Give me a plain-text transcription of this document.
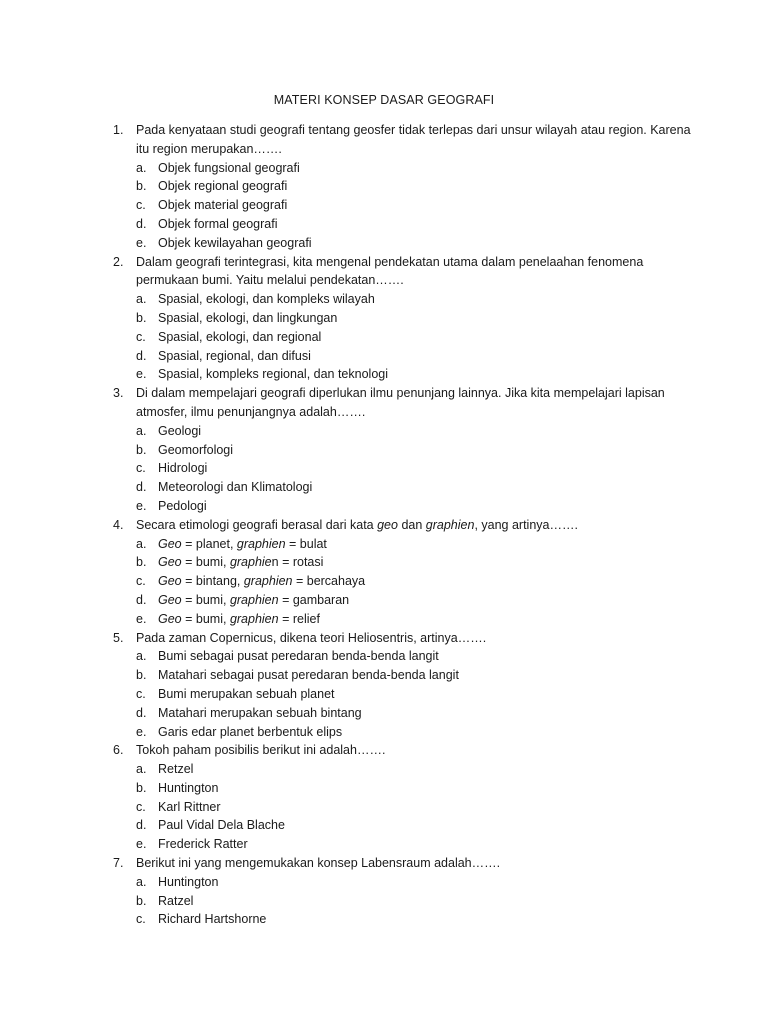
MATERI KONSEP DASAR GEOGRAFI
1. Pada kenyataan studi geografi tentang geosfer tidak terlepas dari unsur wilayah atau region. Karena itu region merupakan…….
a. Objek fungsional geografi
b. Objek regional geografi
c. Objek material geografi
d. Objek formal geografi
e. Objek kewilayahan geografi
2. Dalam geografi terintegrasi, kita mengenal pendekatan utama dalam penelaahan fenomena permukaan bumi. Yaitu melalui pendekatan…….
a. Spasial, ekologi, dan kompleks wilayah
b. Spasial, ekologi, dan lingkungan
c. Spasial, ekologi, dan regional
d. Spasial, regional, dan difusi
e. Spasial, kompleks regional, dan teknologi
3. Di dalam mempelajari geografi diperlukan ilmu penunjang lainnya. Jika kita mempelajari lapisan atmosfer, ilmu penunjangnya adalah…….
a. Geologi
b. Geomorfologi
c. Hidrologi
d. Meteorologi dan Klimatologi
e. Pedologi
4. Secara etimologi geografi berasal dari kata geo dan graphien, yang artinya…….
a. Geo = planet, graphien = bulat
b. Geo = bumi, graphien = rotasi
c. Geo = bintang, graphien = bercahaya
d. Geo = bumi, graphien = gambaran
e. Geo = bumi, graphien = relief
5. Pada zaman Copernicus, dikena teori Heliosentris, artinya…….
a. Bumi sebagai pusat peredaran benda-benda langit
b. Matahari sebagai pusat peredaran benda-benda langit
c. Bumi merupakan sebuah planet
d. Matahari merupakan sebuah bintang
e. Garis edar planet berbentuk elips
6. Tokoh paham posibilis berikut ini adalah…….
a. Retzel
b. Huntington
c. Karl Rittner
d. Paul Vidal Dela Blache
e. Frederick Ratter
7. Berikut ini yang mengemukakan konsep Labensraum adalah…….
a. Huntington
b. Ratzel
c. Richard Hartshorne
